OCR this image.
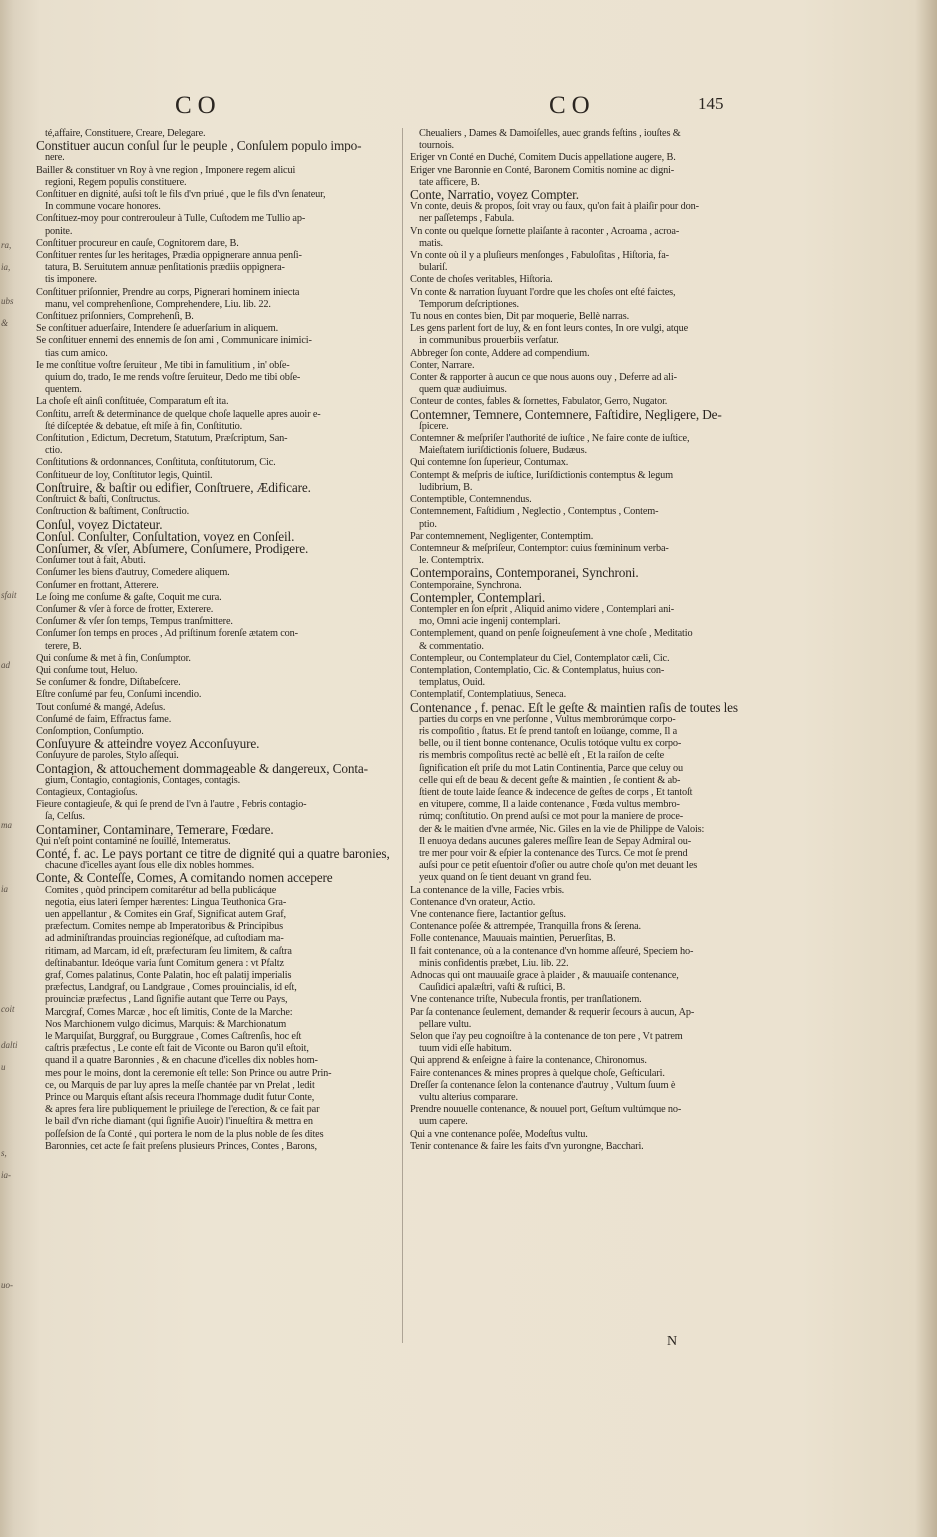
ra,
ia,
ubs
&
sfait
ad
ma
ia
coit
dalti
u
s,
ia-
uo-
CO	CO	145

té,affaire, Constituere, Creare, Delegare.

Constituer aucun conſul ſur le peuple , Conſulem populo impo-

nere.

Bailler & constituer vn Roy à vne region , Imponere regem alicui

regioni, Regem populis constituere.

Conſtituer en dignité, auſsi toſt le fils d'vn priué , que le fils d'vn ſenateur,

In commune vocare honores.

Conſtituez-moy pour contrerouleur à Tulle, Cuſtodem me Tullio ap-

ponite.

Conſtituer procureur en cauſe, Cognitorem dare, B.

Conſtituer rentes ſur les heritages, Prædia oppignerare annua penſi-

tatura, B. Seruitutem annuæ penſitationis prædiis oppignera-

tis imponere.

Conſtituer priſonnier, Prendre au corps, Pignerari hominem iniecta

manu, vel comprehenſione, Comprehendere, Liu. lib. 22.

Conſtituez priſonniers, Comprehenſi, B.

Se conſtituer aduerſaire, Intendere ſe aduerſarium in aliquem.

Se conſtituer ennemi des ennemis de ſon ami , Communicare inimici-

tias cum amico.

Ie me conſtitue voſtre ſeruiteur , Me tibi in famulitium , in' obſe-

quium do, trado, Ie me rends voſtre ſeruiteur, Dedo me tibi obſe-

quentem.

La choſe eſt ainſi conſtituée, Comparatum eſt ita.

Conſtitu, arreſt & determinance de quelque choſe laquelle apres auoir e-

ſté diſceptée & debatue, eſt miſe à fin, Conſtitutio.

Conſtitution , Edictum, Decretum, Statutum, Præſcriptum, San-

ctio.

Conſtitutions & ordonnances, Conſtituta, conſtitutorum, Cic.

Conſtitueur de loy, Conſtitutor legis, Quintil.

Conſtruire, & baſtir ou edifier, Conſtruere, Ædificare.

Conſtruict & baſti, Conſtructus.

Conſtruction & baſtiment, Conſtructio.

Conſul, voyez Dictateur.

Conſul. Conſulter, Conſultation, voyez en Conſeil.

Conſumer, & vſer, Abſumere, Conſumere, Prodigere.

Conſumer tout à fait, Abuti.

Conſumer les biens d'autruy, Comedere aliquem.

Conſumer en frottant, Atterere.

Le ſoing me conſume & gaſte, Coquit me cura.

Conſumer & vſer à force de frotter, Exterere.

Conſumer & vſer ſon temps, Tempus tranſmittere.

Conſumer ſon temps en proces , Ad priſtinum forenſe ætatem con-

terere, B.

Qui conſume & met à fin, Conſumptor.

Qui conſume tout, Heluo.

Se conſumer & fondre, Diſtabeſcere.

Eſtre conſumé par feu, Conſumi incendio.

Tout conſumé & mangé, Adeſus.

Conſumé de faim, Effractus fame.

Conſomption, Conſumptio.

Conſuyure & atteindre voyez Acconſuyure.

Conſuyure de paroles, Stylo aſſequi.

Contagion, & attouchement dommageable & dangereux, Conta-

gium, Contagio, contagionis, Contages, contagis.

Contagieux, Contagioſus.

Fieure contagieuſe, & qui ſe prend de l'vn à l'autre , Febris contagio-

ſa, Celſus.

Contaminer, Contaminare, Temerare, Fœdare.

Qui n'eſt point contaminé ne ſouillé, Intemeratus.

Conté, f. ac. Le pays portant ce titre de dignité qui a quatre baronies,

chacune d'icelles ayant ſous elle dix nobles hommes.

Conte, & Conteſſe, Comes, A comitando nomen accepere

Comites , quòd principem comitarétur ad bella publicáque

negotia, eius lateri ſemper hærentes: Lingua Teuthonica Gra-

uen appellantur , & Comites ein Graf, Significat autem Graf,

præfectum. Comites nempe ab Imperatoribus & Principibus

ad adminiſtrandas prouincias regionéſque, ad cuſtodiam ma-

ritimam, ad Marcam, id eſt, præfecturam ſeu limitem, & caſtra

deſtinabantur. Ideóque varia ſunt Comitum genera : vt Pfaltz

graf, Comes palatinus, Conte Palatin, hoc eſt palatij imperialis

præfectus, Landgraf, ou Landgraue , Comes prouincialis, id eſt,

prouinciæ præfectus , Land ſignifie autant que Terre ou Pays,

Marcgraf, Comes Marcæ , hoc eſt limitis, Conte de la Marche:

Nos Marchionem vulgo dicimus, Marquis: & Marchionatum

le Marquiſat, Burggraf, ou Burggraue , Comes Caſtrenſis, hoc eſt

caſtris præfectus , Le conte eſt fait de Viconte ou Baron qu'il eſtoit,

quand il a quatre Baronnies , & en chacune d'icelles dix nobles hom-

mes pour le moins, dont la ceremonie eſt telle: Son Prince ou autre Prin-

ce, ou Marquis de par luy apres la meſſe chantée par vn Prelat , ledit

Prince ou Marquis eſtant aſsis receura l'hommage dudit futur Conte,

& apres fera lire publiquement le priuilege de l'erection, & ce fait par

le bail d'vn riche diamant (qui ſignifie Auoir) l'inueſtira & mettra en

poſſeſsion de ſa Conté , qui portera le nom de la plus noble de ſes dites

Baronnies, cet acte ſe fait preſens plusieurs Princes, Contes , Barons,

Cheualiers , Dames & Damoiſelles, auec grands feſtins , iouſtes &

tournois.

Eriger vn Conté en Duché, Comitem Ducis appellatione augere, B.

Eriger vne Baronnie en Conté, Baronem Comitis nomine ac digni-

tate afficere, B.

Conte, Narratio, voyez Compter.

Vn conte, deuis & propos, ſoit vray ou faux, qu'on fait à plaiſir pour don-

ner paſſetemps , Fabula.

Vn conte ou quelque ſornette plaiſante à raconter , Acroama , acroa-

matis.

Vn conte où il y a pluſieurs menſonges , Fabuloſitas , Hiſtoria, fa-

bulariſ.

Conte de choſes veritables, Hiſtoria.

Vn conte & narration ſuyuant l'ordre que les choſes ont eſté faictes,

Temporum deſcriptiones.

Tu nous en contes bien, Dit par moquerie, Bellè narras.

Les gens parlent fort de luy, & en font leurs contes, In ore vulgi, atque

in communibus prouerbiis verſatur.

Abbreger ſon conte, Addere ad compendium.

Conter, Narrare.

Conter & rapporter à aucun ce que nous auons ouy , Deferre ad ali-

quem quæ audiuimus.

Conteur de contes, fables & ſornettes, Fabulator, Gerro, Nugator.

Contemner, Temnere, Contemnere, Faſtidire, Negligere, De-

ſpicere.

Contemner & meſpriſer l'authorité de iuſtice , Ne faire conte de iuſtice,

Maieſtatem iuriſdictionis ſoluere, Budæus.

Qui contemne ſon ſuperieur, Contumax.

Contempt & meſpris de iuſtice, Iuriſdictionis contemptus & legum

ludibrium, B.

Contemptible, Contemnendus.

Contemnement, Faſtidium , Neglectio , Contemptus , Contem-

ptio.

Par contemnement, Negligenter, Contemptim.

Contemneur & meſpriſeur, Contemptor: cuius fœmininum verba-

le. Contemptrix.

Contemporains, Contemporanei, Synchroni.

Contemporaine, Synchrona.

Contempler, Contemplari.

Contempler en ſon eſprit , Aliquid animo videre , Contemplari ani-

mo, Omni acie ingenij contemplari.

Contemplement, quand on penſe ſoigneuſement à vne choſe , Meditatio

& commentatio.

Contempleur, ou Contemplateur du Ciel, Contemplator cæli, Cic.

Contemplation, Contemplatio, Cic. & Contemplatus, huius con-

templatus, Ouid.

Contemplatif, Contemplatiuus, Seneca.

Contenance , f. penac. Eſt le geſte & maintien raſis de toutes les

parties du corps en vne perſonne , Vultus membrorúmque corpo-

ris compoſitio , ſtatus. Et ſe prend tantoſt en loüange, comme, Il a

belle, ou il tient bonne contenance, Oculis totóque vultu ex corpo-

ris membris compoſitus rectè ac bellè eſt , Et la raiſon de ceſte

ſignification eſt priſe du mot Latin Continentia, Parce que celuy ou

celle qui eſt de beau & decent geſte & maintien , ſe contient & ab-

ſtient de toute laide ſeance & indecence de geſtes de corps , Et tantoſt

en vitupere, comme, Il a laide contenance , Fœda vultus membro-

rúmq; conſtitutio. On prend auſsi ce mot pour la maniere de proce-

der & le maitien d'vne armée, Nic. Giles en la vie de Philippe de Valois:

Il enuoya dedans aucunes galeres meſſire Iean de Sepay Admiral ou-

tre mer pour voir & eſpier la contenance des Turcs. Ce mot ſe prend

auſsi pour ce petit eſuentoir d'oſier ou autre choſe qu'on met deuant les

yeux quand on ſe tient deuant vn grand feu.

La contenance de la ville, Facies vrbis.

Contenance d'vn orateur, Actio.

Vne contenance fiere, Iactantior geſtus.

Contenance poſée & attrempée, Tranquilla frons & ſerena.

Folle contenance, Mauuais maintien, Peruerſitas, B.

Il fait contenance, où a la contenance d'vn homme aſſeuré, Speciem ho-

minis confidentis præbet, Liu. lib. 22.

Adnocas qui ont mauuaiſe grace à plaider , & mauuaiſe contenance,

Cauſidici apalæſtri, vaſti & ruſtici, B.

Vne contenance triſte, Nubecula frontis, per tranſlationem.

Par ſa contenance ſeulement, demander & requerir ſecours à aucun, Ap-

pellare vultu.

Selon que i'ay peu cognoiſtre à la contenance de ton pere , Vt patrem

tuum vidi eſſe habitum.

Qui apprend & enſeigne à faire la contenance, Chironomus.

Faire contenances & mines propres à quelque choſe, Geſticulari.

Dreſſer ſa contenance ſelon la contenance d'autruy , Vultum ſuum è

vultu alterius comparare.

Prendre nouuelle contenance, & nouuel port, Geſtum vultúmque no-

uum capere.

Qui a vne contenance poſée, Modeſtus vultu.

Tenir contenance & faire les faits d'vn yurongne, Bacchari.

N
